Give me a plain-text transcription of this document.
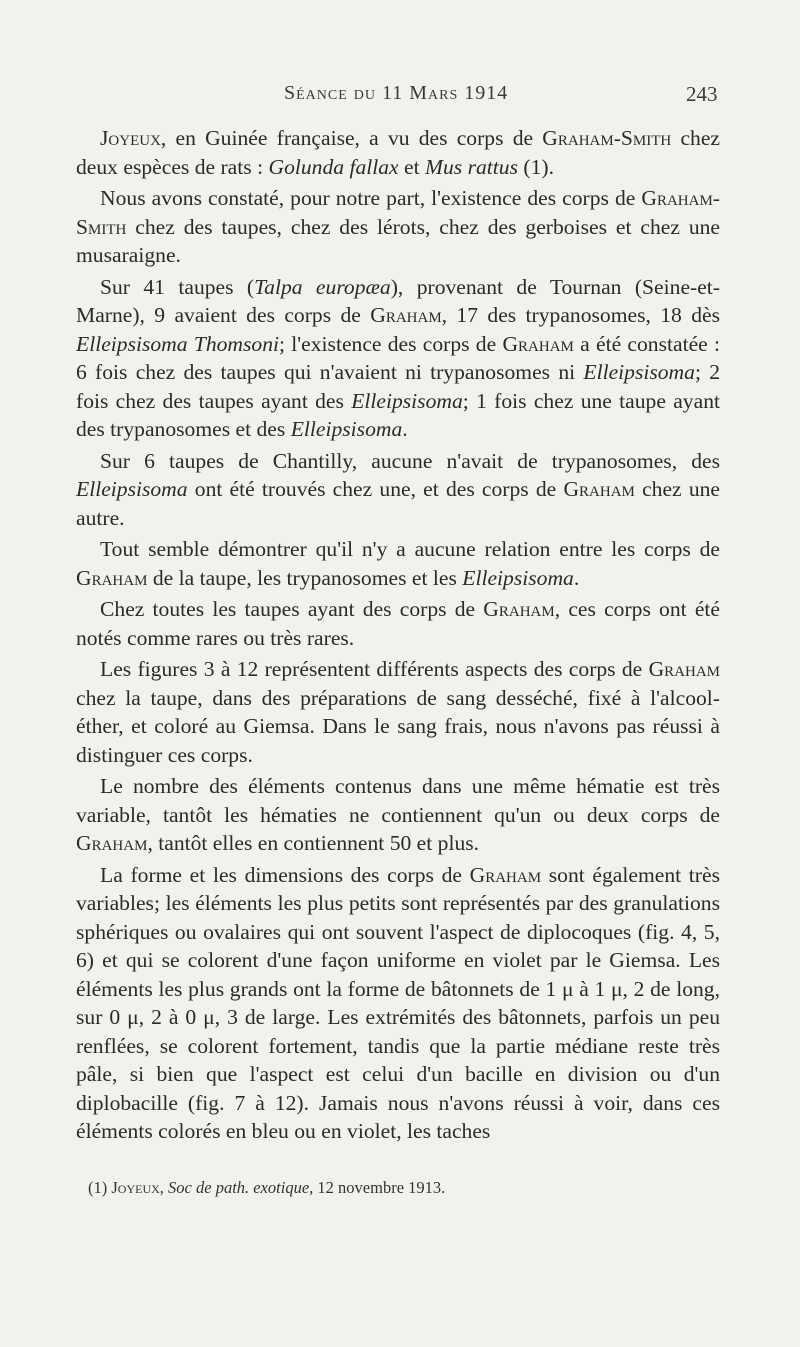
Séance du 11 Mars 1914	243

Joyeux, en Guinée française, a vu des corps de Graham-Smith chez deux espèces de rats : Golunda fallax et Mus rattus (1).

Nous avons constaté, pour notre part, l'existence des corps de Graham-Smith chez des taupes, chez des lérots, chez des gerboises et chez une musaraigne.

Sur 41 taupes (Talpa europæa), provenant de Tournan (Seine-et-Marne), 9 avaient des corps de Graham, 17 des trypanosomes, 18 dès Elleipsisoma Thomsoni; l'existence des corps de Graham a été constatée : 6 fois chez des taupes qui n'avaient ni trypanosomes ni Elleipsisoma; 2 fois chez des taupes ayant des Elleipsisoma; 1 fois chez une taupe ayant des trypanosomes et des Elleipsisoma.

Sur 6 taupes de Chantilly, aucune n'avait de trypanosomes, des Elleipsisoma ont été trouvés chez une, et des corps de Graham chez une autre.

Tout semble démontrer qu'il n'y a aucune relation entre les corps de Graham de la taupe, les trypanosomes et les Elleipsisoma.

Chez toutes les taupes ayant des corps de Graham, ces corps ont été notés comme rares ou très rares.

Les figures 3 à 12 représentent différents aspects des corps de Graham chez la taupe, dans des préparations de sang desséché, fixé à l'alcool-éther, et coloré au Giemsa. Dans le sang frais, nous n'avons pas réussi à distinguer ces corps.

Le nombre des éléments contenus dans une même hématie est très variable, tantôt les hématies ne contiennent qu'un ou deux corps de Graham, tantôt elles en contiennent 50 et plus.

La forme et les dimensions des corps de Graham sont également très variables; les éléments les plus petits sont représentés par des granulations sphériques ou ovalaires qui ont souvent l'aspect de diplocoques (fig. 4, 5, 6) et qui se colorent d'une façon uniforme en violet par le Giemsa. Les éléments les plus grands ont la forme de bâtonnets de 1 μ à 1 μ, 2 de long, sur 0 μ, 2 à 0 μ, 3 de large. Les extrémités des bâtonnets, parfois un peu renflées, se colorent fortement, tandis que la partie médiane reste très pâle, si bien que l'aspect est celui d'un bacille en division ou d'un diplobacille (fig. 7 à 12). Jamais nous n'avons réussi à voir, dans ces éléments colorés en bleu ou en violet, les taches

(1) Joyeux, Soc de path. exotique, 12 novembre 1913.
